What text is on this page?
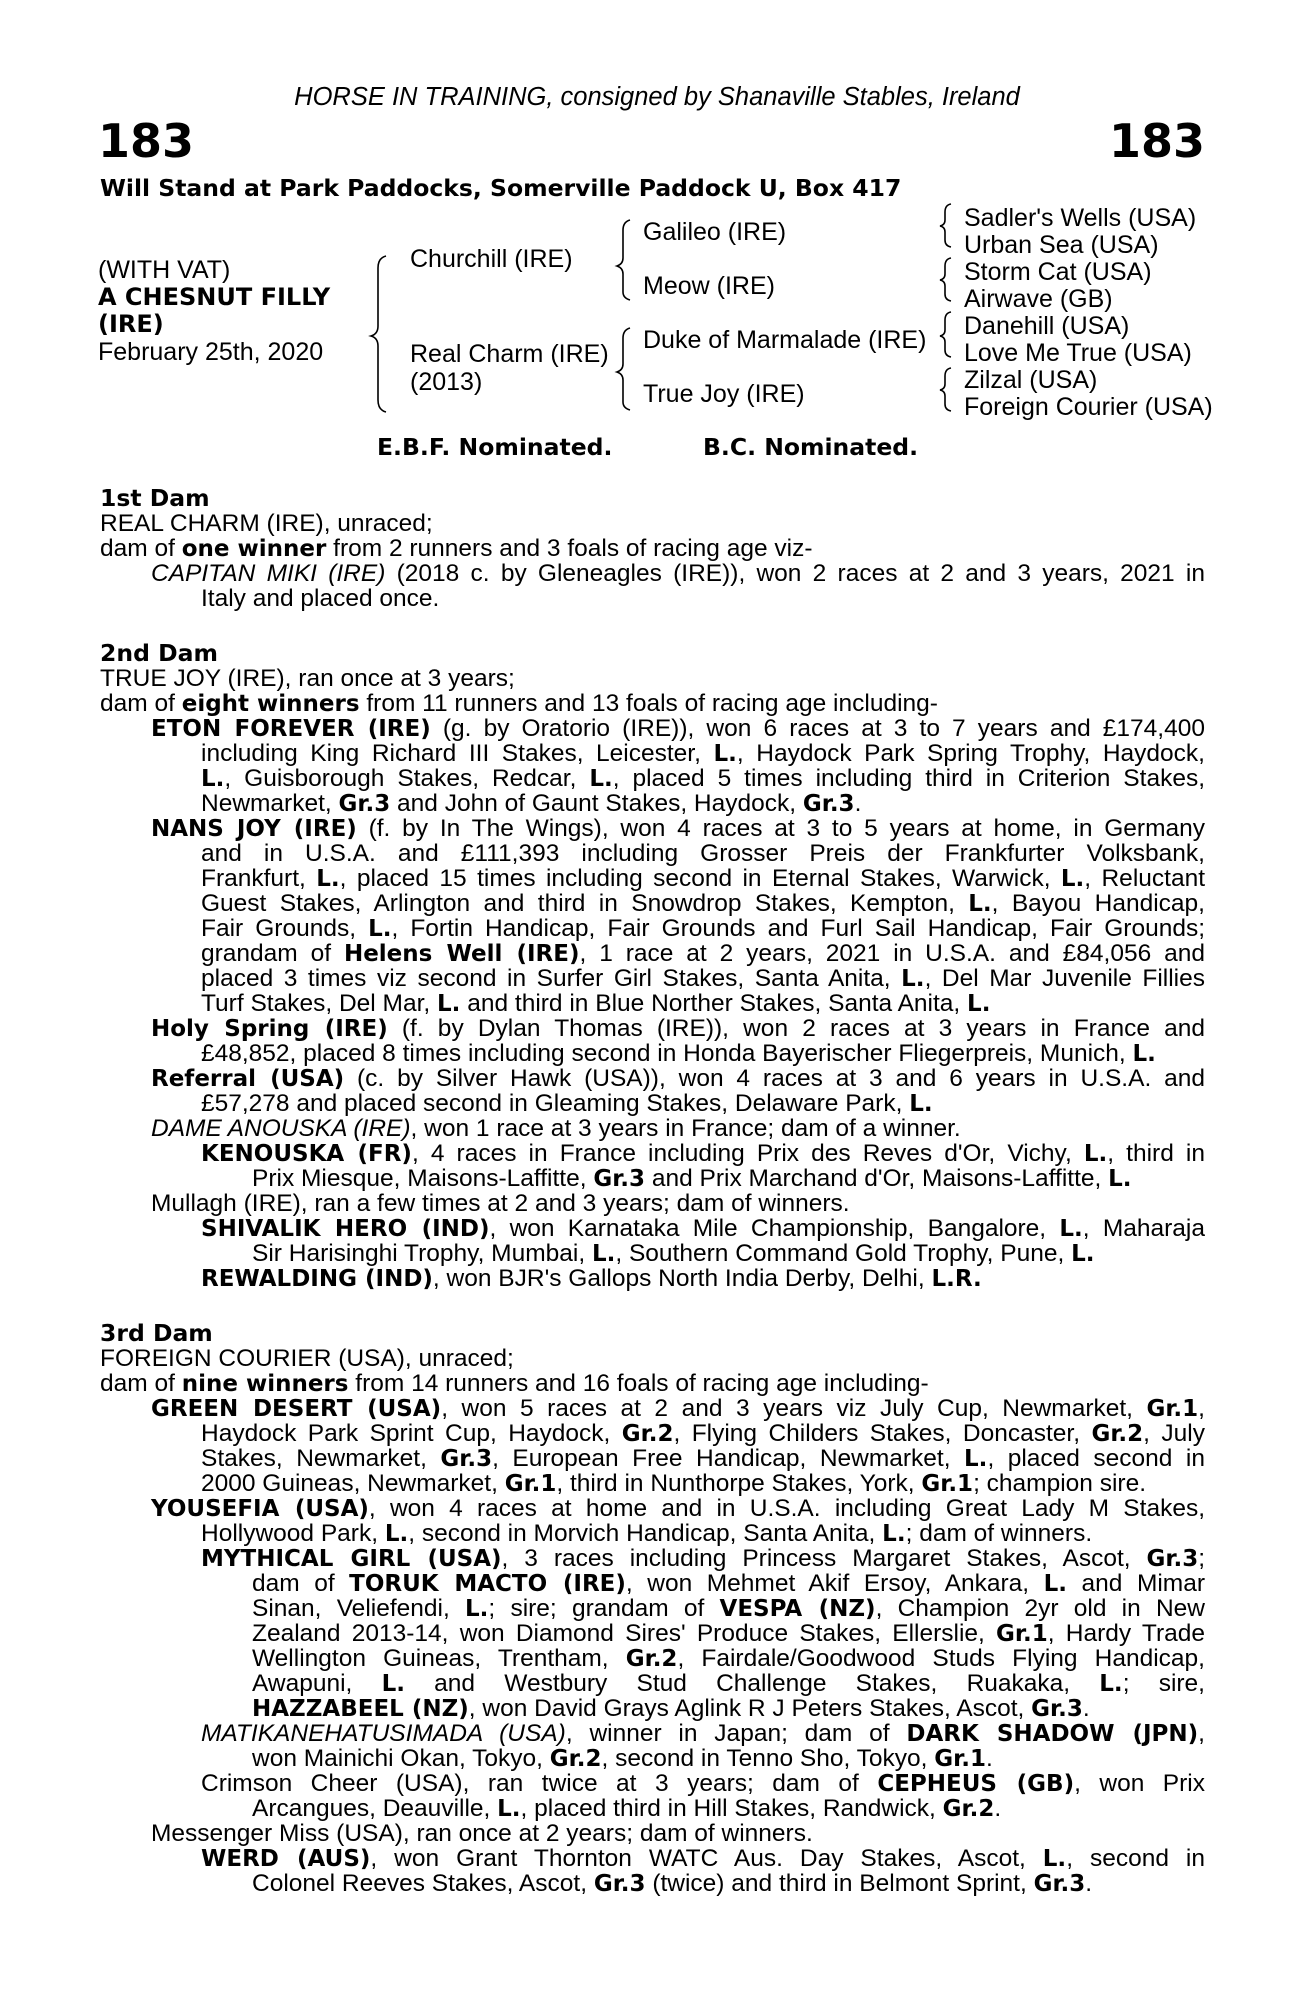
HORSE IN TRAINING, consigned by Shanaville Stables, Ireland
183	183
Will Stand at Park Paddocks, Somerville Paddock U, Box 417
(WITH VAT)
A CHESNUT FILLY
(IRE)
February 25th, 2020
Churchill (IRE)
Real Charm (IRE)
(2013)
Galileo (IRE)
Meow (IRE)
Duke of Marmalade (IRE)
True Joy (IRE)
Sadler's Wells (USA)
Urban Sea (USA)
Storm Cat (USA)
Airwave (GB)
Danehill (USA)
Love Me True (USA)
Zilzal (USA)
Foreign Courier (USA)
E.B.F. Nominated.	B.C. Nominated.
1st Dam
REAL CHARM (IRE), unraced;
dam of one winner from 2 runners and 3 foals of racing age viz-
CAPITAN MIKI (IRE) (2018 c. by Gleneagles (IRE)), won 2 races at 2 and 3 years, 2021 in
Italy and placed once.
2nd Dam
TRUE JOY (IRE), ran once at 3 years;
dam of eight winners from 11 runners and 13 foals of racing age including-
ETON FOREVER (IRE) (g. by Oratorio (IRE)), won 6 races at 3 to 7 years and £174,400
including King Richard III Stakes, Leicester, L., Haydock Park Spring Trophy, Haydock,
L., Guisborough Stakes, Redcar, L., placed 5 times including third in Criterion Stakes,
Newmarket, Gr.3 and John of Gaunt Stakes, Haydock, Gr.3.
NANS JOY (IRE) (f. by In The Wings), won 4 races at 3 to 5 years at home, in Germany
and in U.S.A. and £111,393 including Grosser Preis der Frankfurter Volksbank,
Frankfurt, L., placed 15 times including second in Eternal Stakes, Warwick, L., Reluctant
Guest Stakes, Arlington and third in Snowdrop Stakes, Kempton, L., Bayou Handicap,
Fair Grounds, L., Fortin Handicap, Fair Grounds and Furl Sail Handicap, Fair Grounds;
grandam of Helens Well (IRE), 1 race at 2 years, 2021 in U.S.A. and £84,056 and
placed 3 times viz second in Surfer Girl Stakes, Santa Anita, L., Del Mar Juvenile Fillies
Turf Stakes, Del Mar, L. and third in Blue Norther Stakes, Santa Anita, L.
Holy Spring (IRE) (f. by Dylan Thomas (IRE)), won 2 races at 3 years in France and
£48,852, placed 8 times including second in Honda Bayerischer Fliegerpreis, Munich, L.
Referral (USA) (c. by Silver Hawk (USA)), won 4 races at 3 and 6 years in U.S.A. and
£57,278 and placed second in Gleaming Stakes, Delaware Park, L.
DAME ANOUSKA (IRE), won 1 race at 3 years in France; dam of a winner.
KENOUSKA (FR), 4 races in France including Prix des Reves d'Or, Vichy, L., third in
Prix Miesque, Maisons-Laffitte, Gr.3 and Prix Marchand d'Or, Maisons-Laffitte, L.
Mullagh (IRE), ran a few times at 2 and 3 years; dam of winners.
SHIVALIK HERO (IND), won Karnataka Mile Championship, Bangalore, L., Maharaja
Sir Harisinghi Trophy, Mumbai, L., Southern Command Gold Trophy, Pune, L.
REWALDING (IND), won BJR's Gallops North India Derby, Delhi, L.R.
3rd Dam
FOREIGN COURIER (USA), unraced;
dam of nine winners from 14 runners and 16 foals of racing age including-
GREEN DESERT (USA), won 5 races at 2 and 3 years viz July Cup, Newmarket, Gr.1,
Haydock Park Sprint Cup, Haydock, Gr.2, Flying Childers Stakes, Doncaster, Gr.2, July
Stakes, Newmarket, Gr.3, European Free Handicap, Newmarket, L., placed second in
2000 Guineas, Newmarket, Gr.1, third in Nunthorpe Stakes, York, Gr.1; champion sire.
YOUSEFIA (USA), won 4 races at home and in U.S.A. including Great Lady M Stakes,
Hollywood Park, L., second in Morvich Handicap, Santa Anita, L.; dam of winners.
MYTHICAL GIRL (USA), 3 races including Princess Margaret Stakes, Ascot, Gr.3;
dam of TORUK MACTO (IRE), won Mehmet Akif Ersoy, Ankara, L. and Mimar
Sinan, Veliefendi, L.; sire; grandam of VESPA (NZ), Champion 2yr old in New
Zealand 2013-14, won Diamond Sires' Produce Stakes, Ellerslie, Gr.1, Hardy Trade
Wellington Guineas, Trentham, Gr.2, Fairdale/Goodwood Studs Flying Handicap,
Awapuni, L. and Westbury Stud Challenge Stakes, Ruakaka, L.; sire,
HAZZABEEL (NZ), won David Grays Aglink R J Peters Stakes, Ascot, Gr.3.
MATIKANEHATUSIMADA (USA), winner in Japan; dam of DARK SHADOW (JPN),
won Mainichi Okan, Tokyo, Gr.2, second in Tenno Sho, Tokyo, Gr.1.
Crimson Cheer (USA), ran twice at 3 years; dam of CEPHEUS (GB), won Prix
Arcangues, Deauville, L., placed third in Hill Stakes, Randwick, Gr.2.
Messenger Miss (USA), ran once at 2 years; dam of winners.
WERD (AUS), won Grant Thornton WATC Aus. Day Stakes, Ascot, L., second in
Colonel Reeves Stakes, Ascot, Gr.3 (twice) and third in Belmont Sprint, Gr.3.
